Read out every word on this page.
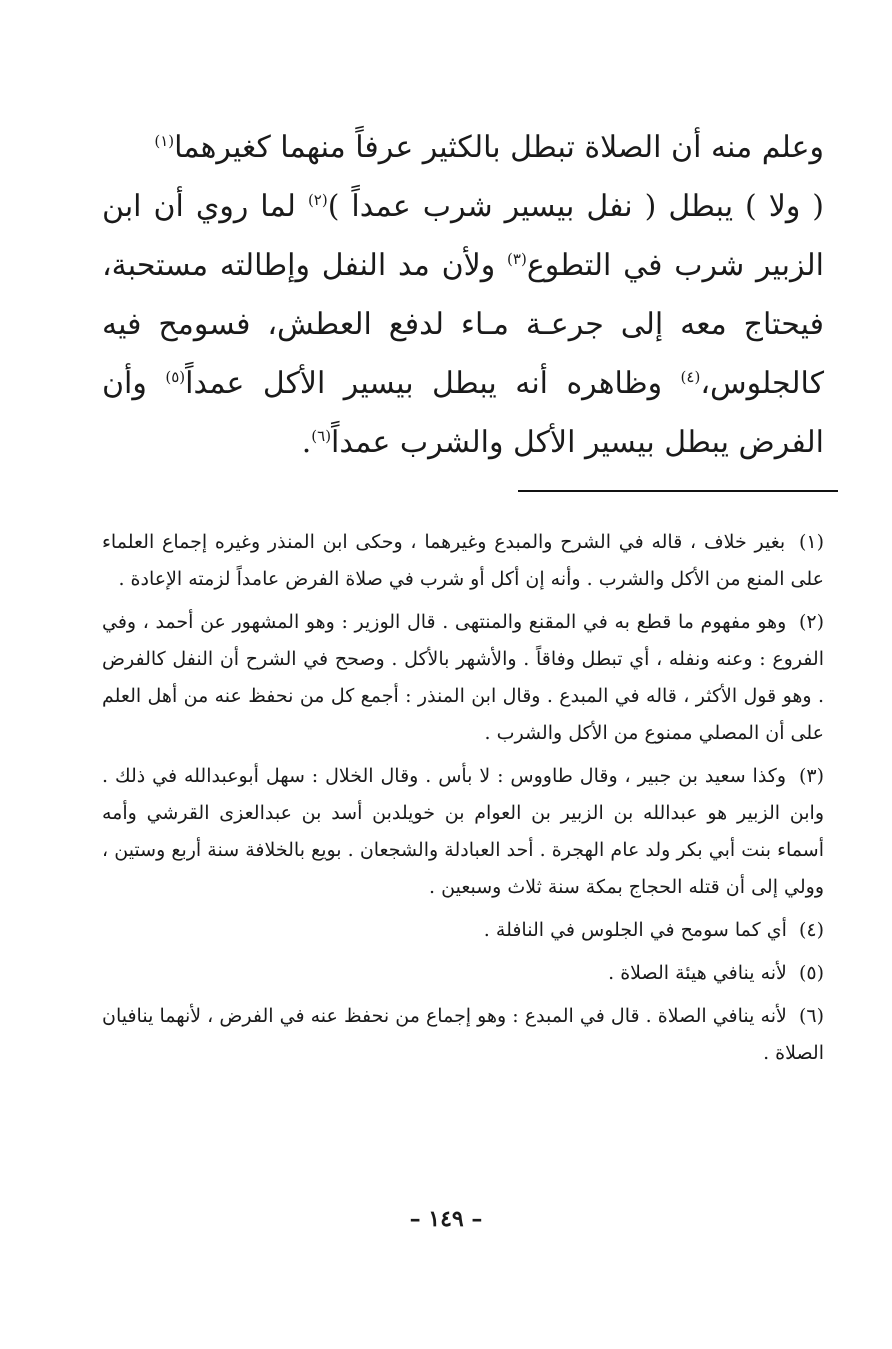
وعلم منه أن الصلاة تبطل بالكثير عرفاً منهما كغيرهما$^{(١)}$

( ولا ) يبطل ( نفل بيسير شرب عمداً )$^{(٢)}$ لما روي أن ابن الزبير شرب في التطوع$^{(٣)}$ ولأن مد النفل وإطالته مستحبة، فيحتاج معه إلى جرعـة مـاء لدفع العطش، فسومح فيه كالجلوس،$^{(٤)}$ وظاهره أنه يبطل بيسير الأكل عمداً$^{(٥)}$ وأن الفرض يبطل بيسير الأكل والشرب عمداً$^{(٦)}$.

(١) بغير خلاف ، قاله في الشرح والمبدع وغيرهما ، وحكى ابن المنذر وغيره إجماع العلماء على المنع من الأكل والشرب . وأنه إن أكل أو شرب في صلاة الفرض عامداً لزمته الإعادة .

(٢) وهو مفهوم ما قطع به في المقنع والمنتهى . قال الوزير : وهو المشهور عن أحمد ، وفي الفروع : وعنه ونفله ، أي تبطل وفاقاً . والأشهر بالأكل . وصحح في الشرح أن النفل كالفرض . وهو قول الأكثر ، قاله في المبدع . وقال ابن المنذر : أجمع كل من نحفظ عنه من أهل العلم على أن المصلي ممنوع من الأكل والشرب .

(٣) وكذا سعيد بن جبير ، وقال طاووس : لا بأس . وقال الخلال : سهل أبوعبدالله في ذلك . وابن الزبير هو عبدالله بن الزبير بن العوام بن خويلدبن أسد بن عبدالعزى القرشي وأمه أسماء بنت أبي بكر ولد عام الهجرة . أحد العبادلة والشجعان . بويع بالخلافة سنة أربع وستين ، وولي إلى أن قتله الحجاج بمكة سنة ثلاث وسبعين .

(٤) أي كما سومح في الجلوس في النافلة .

(٥) لأنه ينافي هيئة الصلاة .

(٦) لأنه ينافي الصلاة . قال في المبدع : وهو إجماع من نحفظ عنه في الفرض ، لأنهما ينافيان الصلاة .

– ١٤٩ –
